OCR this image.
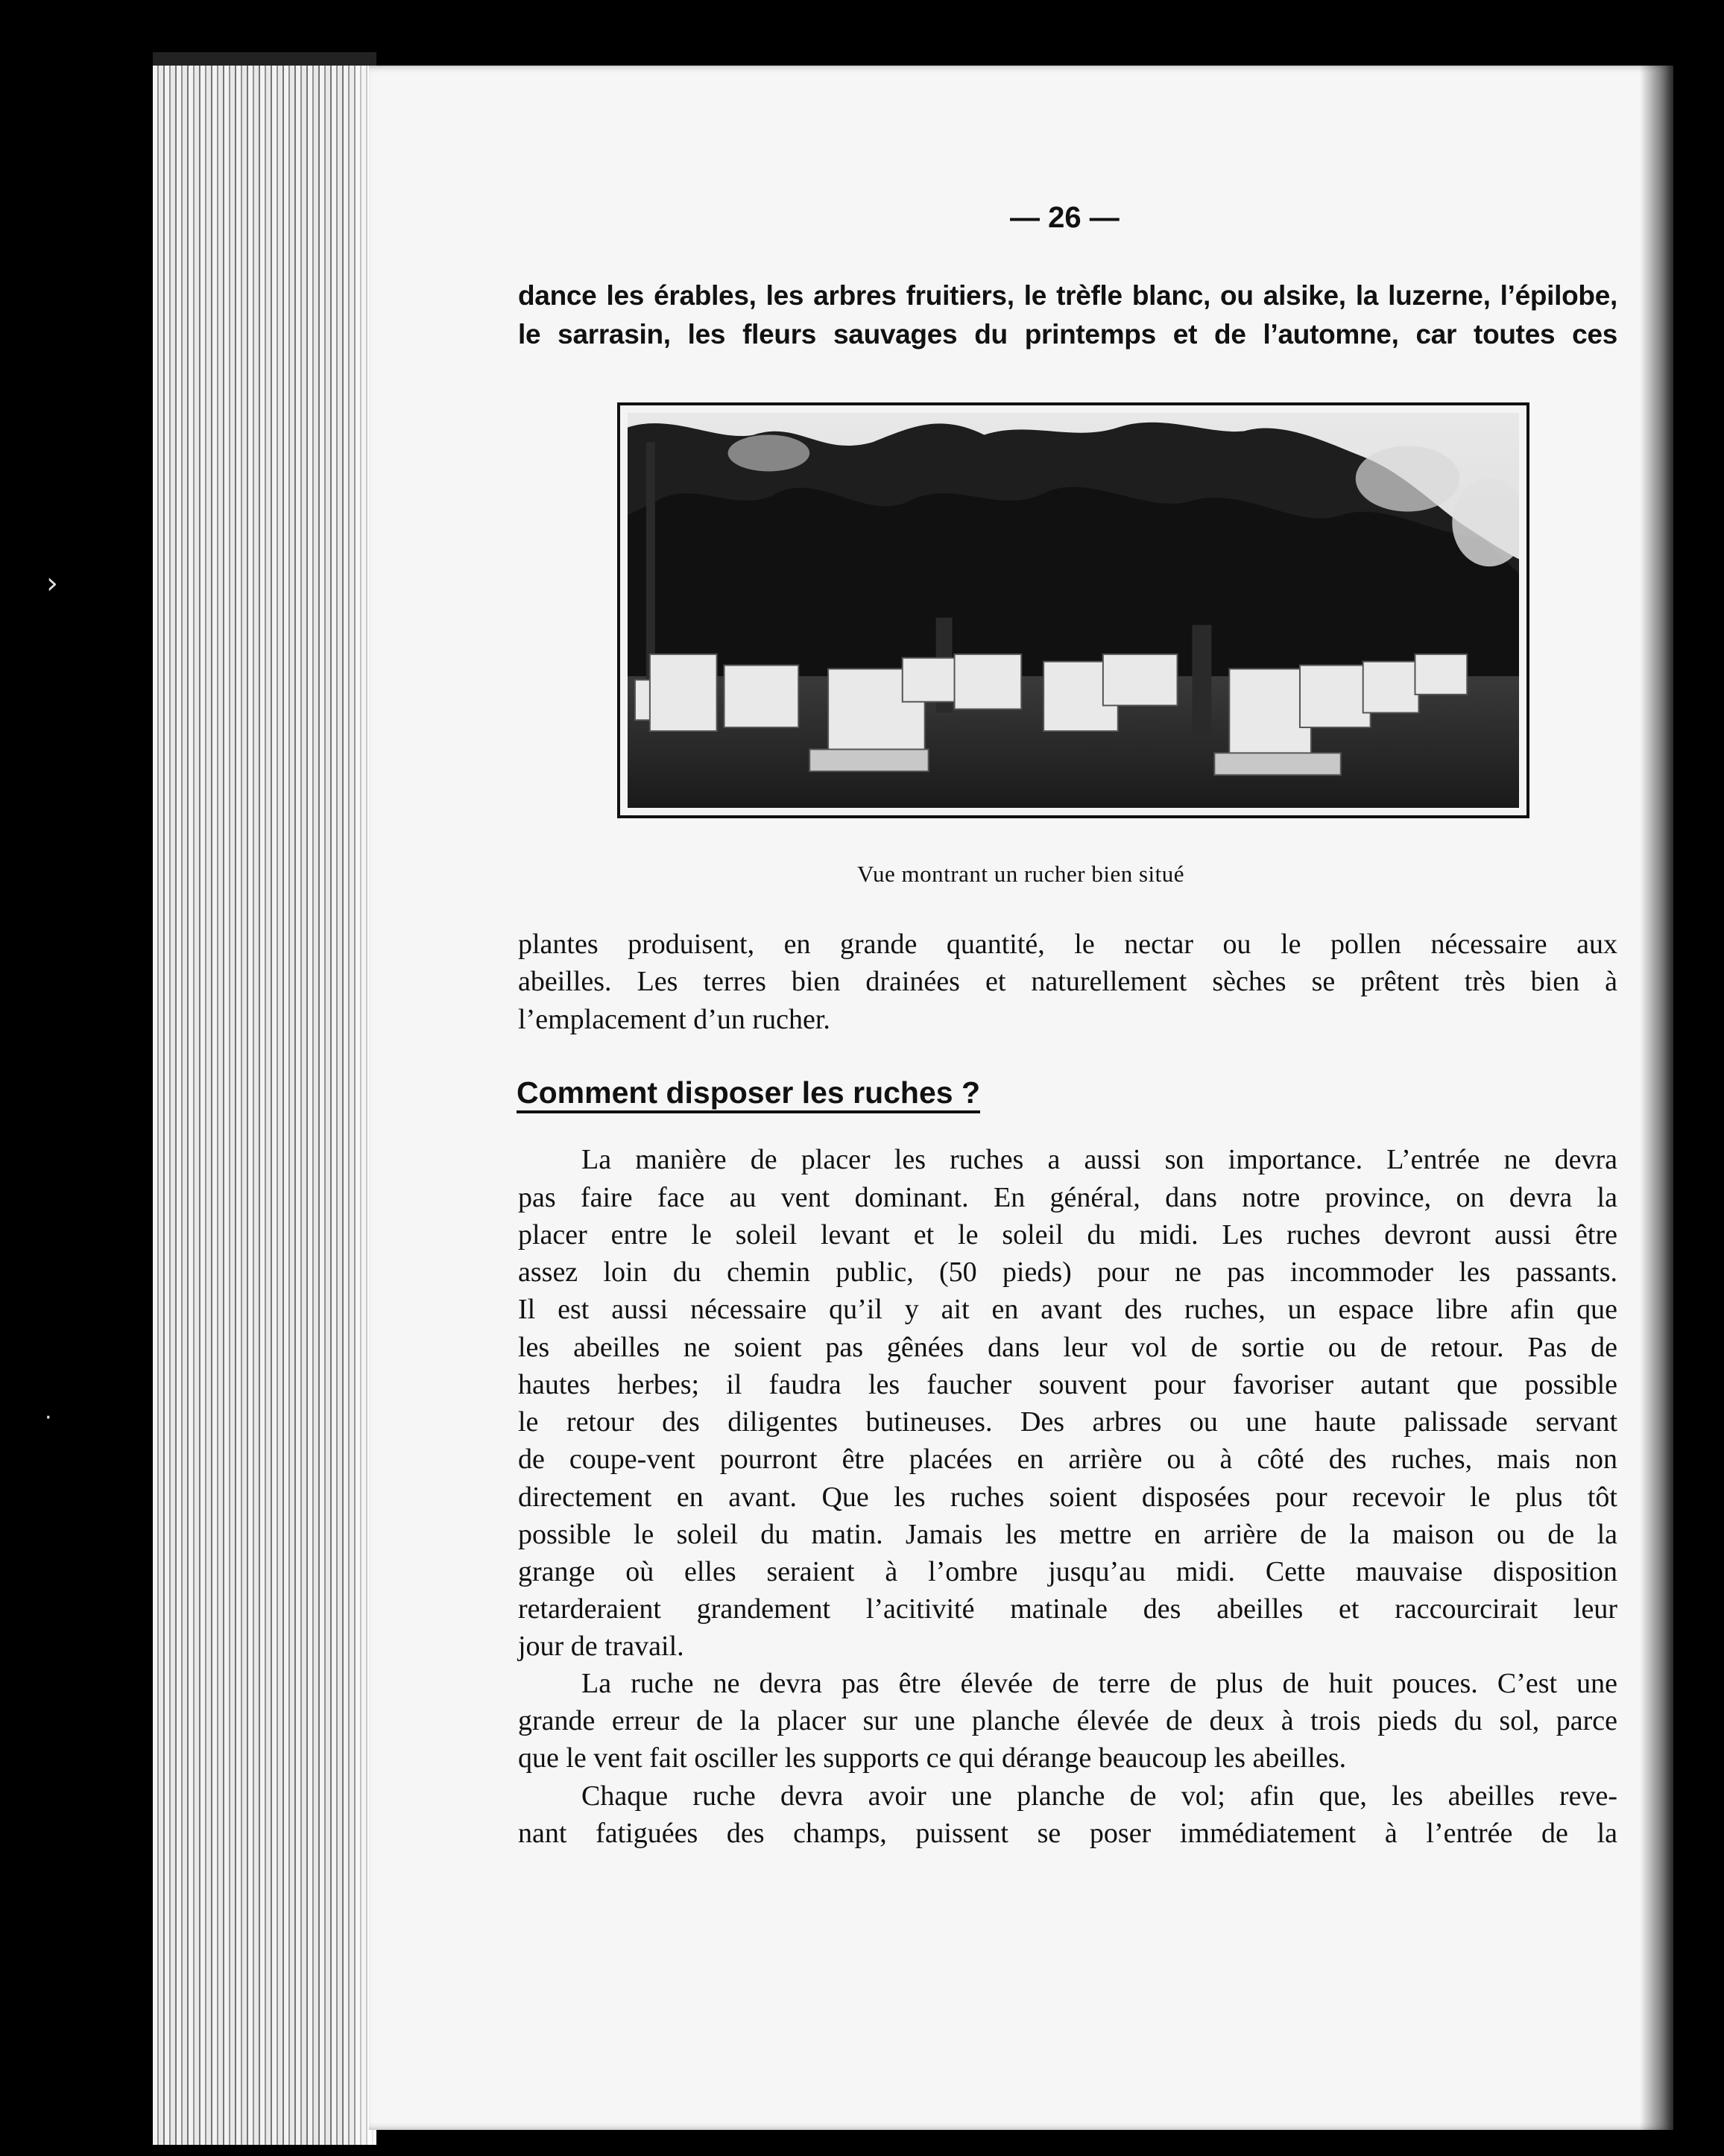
›
·
— 26 —
dance les érables, les arbres fruitiers, le trèfle blanc, ou alsike, la luzerne, l’épilobe,
le sarrasin, les fleurs sauvages du printemps et de l’automne, car toutes ces
Vue montrant un rucher bien situé
plantes produisent, en grande quantité, le nectar ou le pollen nécessaire aux
abeilles. Les terres bien drainées et naturellement sèches se prêtent très bien à
l’emplacement d’un rucher.
Comment disposer les ruches ?
La manière de placer les ruches a aussi son importance. L’entrée ne devra
pas faire face au vent dominant. En général, dans notre province, on devra la
placer entre le soleil levant et le soleil du midi. Les ruches devront aussi être
assez loin du chemin public, (50 pieds) pour ne pas incommoder les passants.
Il est aussi nécessaire qu’il y ait en avant des ruches, un espace libre afin que
les abeilles ne soient pas gênées dans leur vol de sortie ou de retour. Pas de
hautes herbes; il faudra les faucher souvent pour favoriser autant que possible
le retour des diligentes butineuses. Des arbres ou une haute palissade servant
de coupe-vent pourront être placées en arrière ou à côté des ruches, mais non
directement en avant. Que les ruches soient disposées pour recevoir le plus tôt
possible le soleil du matin. Jamais les mettre en arrière de la maison ou de la
grange où elles seraient à l’ombre jusqu’au midi. Cette mauvaise disposition
retarderaient grandement l’acitivité matinale des abeilles et raccourcirait leur
jour de travail.
La ruche ne devra pas être élevée de terre de plus de huit pouces. C’est une
grande erreur de la placer sur une planche élevée de deux à trois pieds du sol, parce
que le vent fait osciller les supports ce qui dérange beaucoup les abeilles.
Chaque ruche devra avoir une planche de vol; afin que, les abeilles reve-
nant fatiguées des champs, puissent se poser immédiatement à l’entrée de la
